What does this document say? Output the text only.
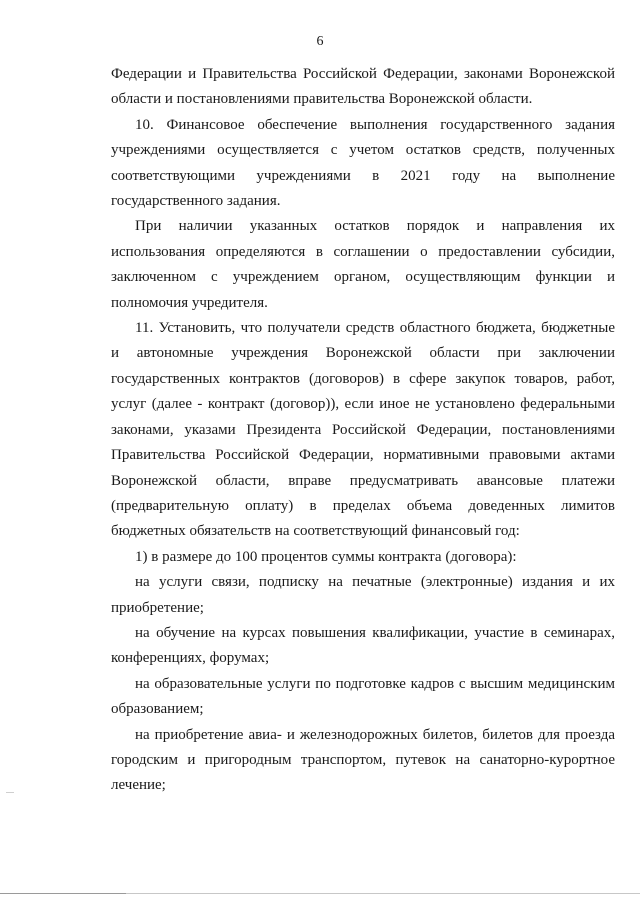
6

Федерации и Правительства Российской Федерации, законами Воронежской области и постановлениями правительства Воронежской области.

10. Финансовое обеспечение выполнения государственного задания учреждениями осуществляется с учетом остатков средств, полученных соответствующими учреждениями в 2021 году на выполнение государственного задания.

При наличии указанных остатков порядок и направления их использования определяются в соглашении о предоставлении субсидии, заключенном с учреждением органом, осуществляющим функции и полномочия учредителя.

11. Установить, что получатели средств областного бюджета, бюджетные и автономные учреждения Воронежской области при заключении государственных контрактов (договоров) в сфере закупок товаров, работ, услуг (далее - контракт (договор)), если иное не установлено федеральными законами, указами Президента Российской Федерации, постановлениями Правительства Российской Федерации, нормативными правовыми актами Воронежской области, вправе предусматривать авансовые платежи (предварительную оплату) в пределах объема доведенных лимитов бюджетных обязательств на соответствующий финансовый год:

1) в размере до 100 процентов суммы контракта (договора):

на услуги связи, подписку на печатные (электронные) издания и их приобретение;

на обучение на курсах повышения квалификации, участие в семинарах, конференциях, форумах;

на образовательные услуги по подготовке кадров с высшим медицинским образованием;

на приобретение авиа- и железнодорожных билетов, билетов для проезда городским и пригородным транспортом, путевок на санаторно-курортное лечение;
